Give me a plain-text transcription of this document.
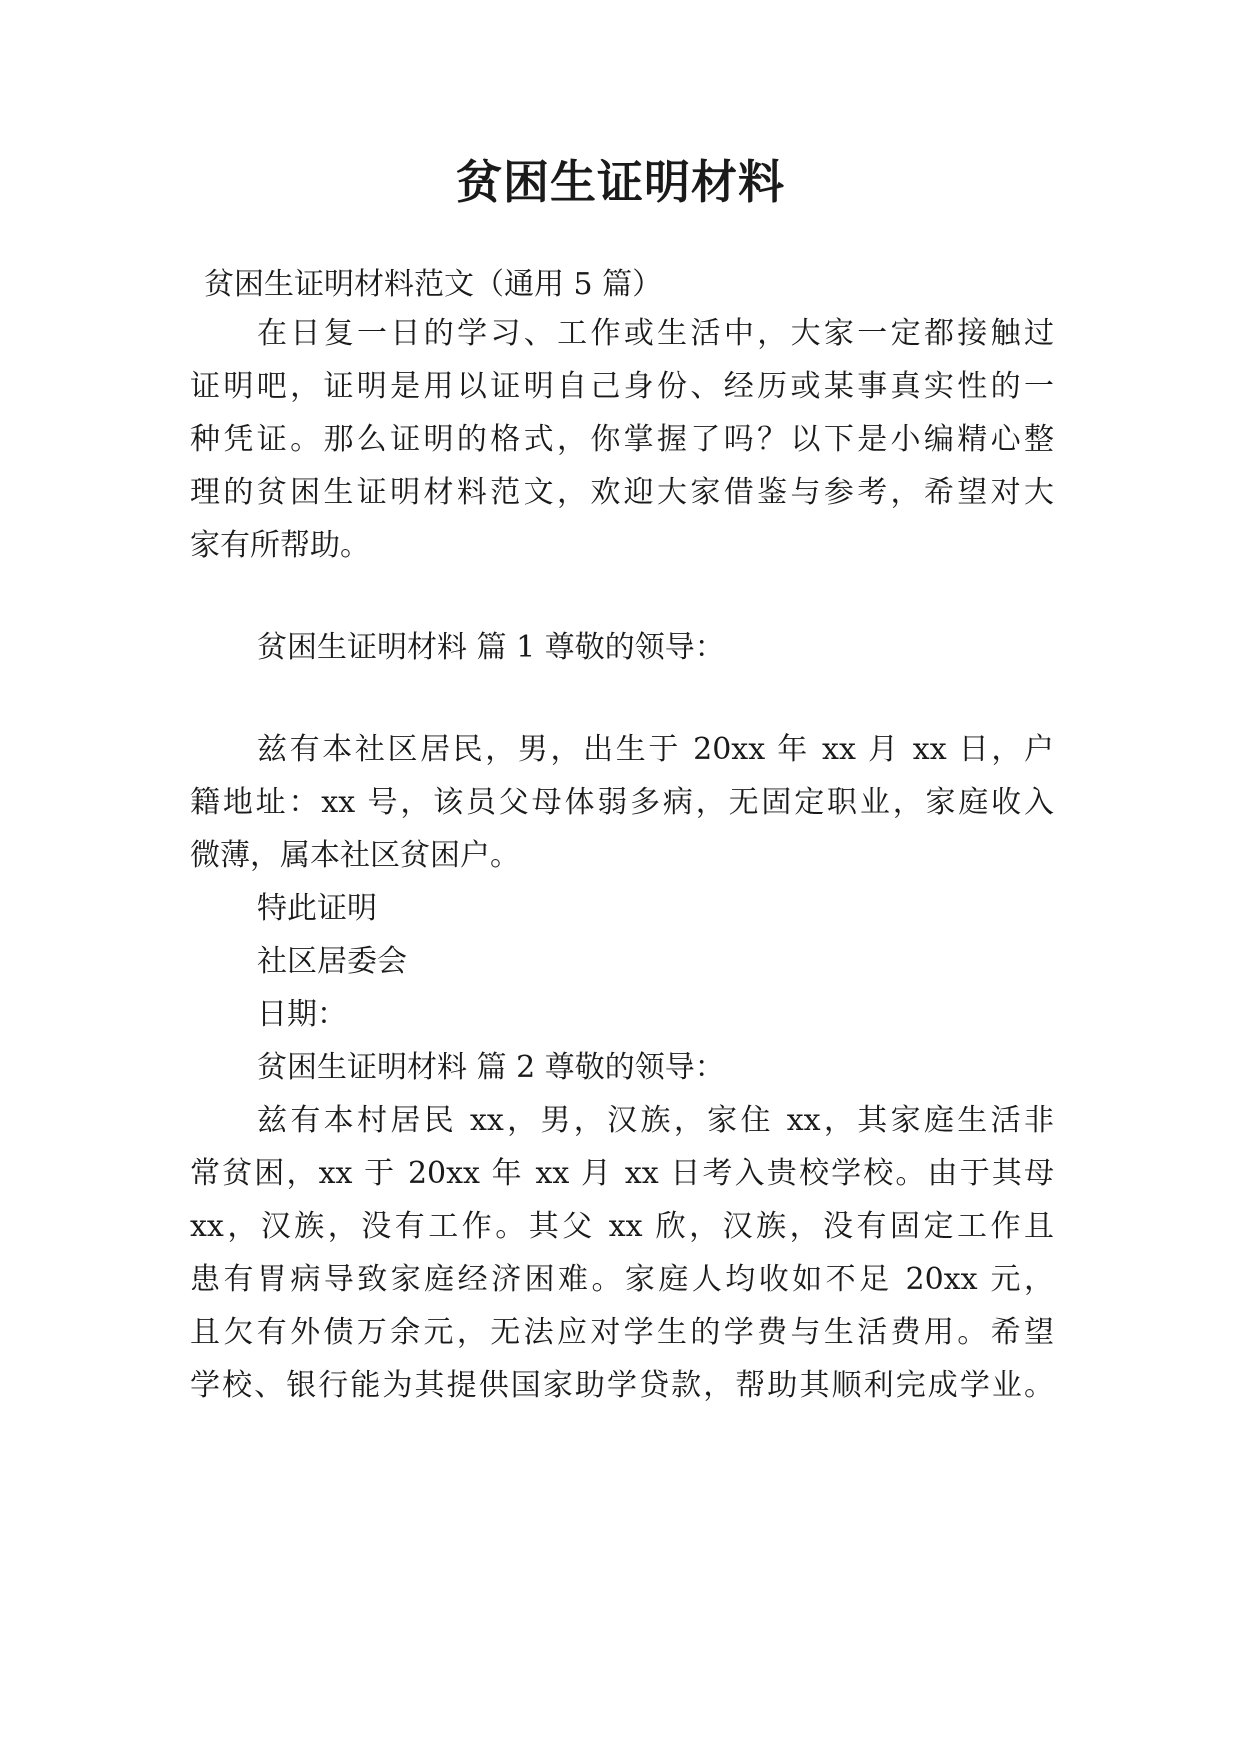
贫困生证明材料

贫困生证明材料范文（通用 5 篇）

在日复一日的学习、工作或生活中，大家一定都接触过

证明吧，证明是用以证明自己身份、经历或某事真实性的一

种凭证。那么证明的格式，你掌握了吗？以下是小编精心整

理的贫困生证明材料范文，欢迎大家借鉴与参考，希望对大

家有所帮助。

贫困生证明材料 篇 1 尊敬的领导：

兹有本社区居民，男，出生于 20xx 年 xx 月 xx 日，户

籍地址：xx 号，该员父母体弱多病，无固定职业，家庭收入

微薄，属本社区贫困户。

特此证明

社区居委会

日期：

贫困生证明材料 篇 2 尊敬的领导：

兹有本村居民 xx，男，汉族，家住 xx，其家庭生活非

常贫困，xx 于 20xx 年 xx 月 xx 日考入贵校学校。由于其母

xx，汉族，没有工作。其父 xx 欣，汉族，没有固定工作且

患有胃病导致家庭经济困难。家庭人均收如不足 20xx 元，

且欠有外债万余元，无法应对学生的学费与生活费用。希望

学校、银行能为其提供国家助学贷款，帮助其顺利完成学业。
